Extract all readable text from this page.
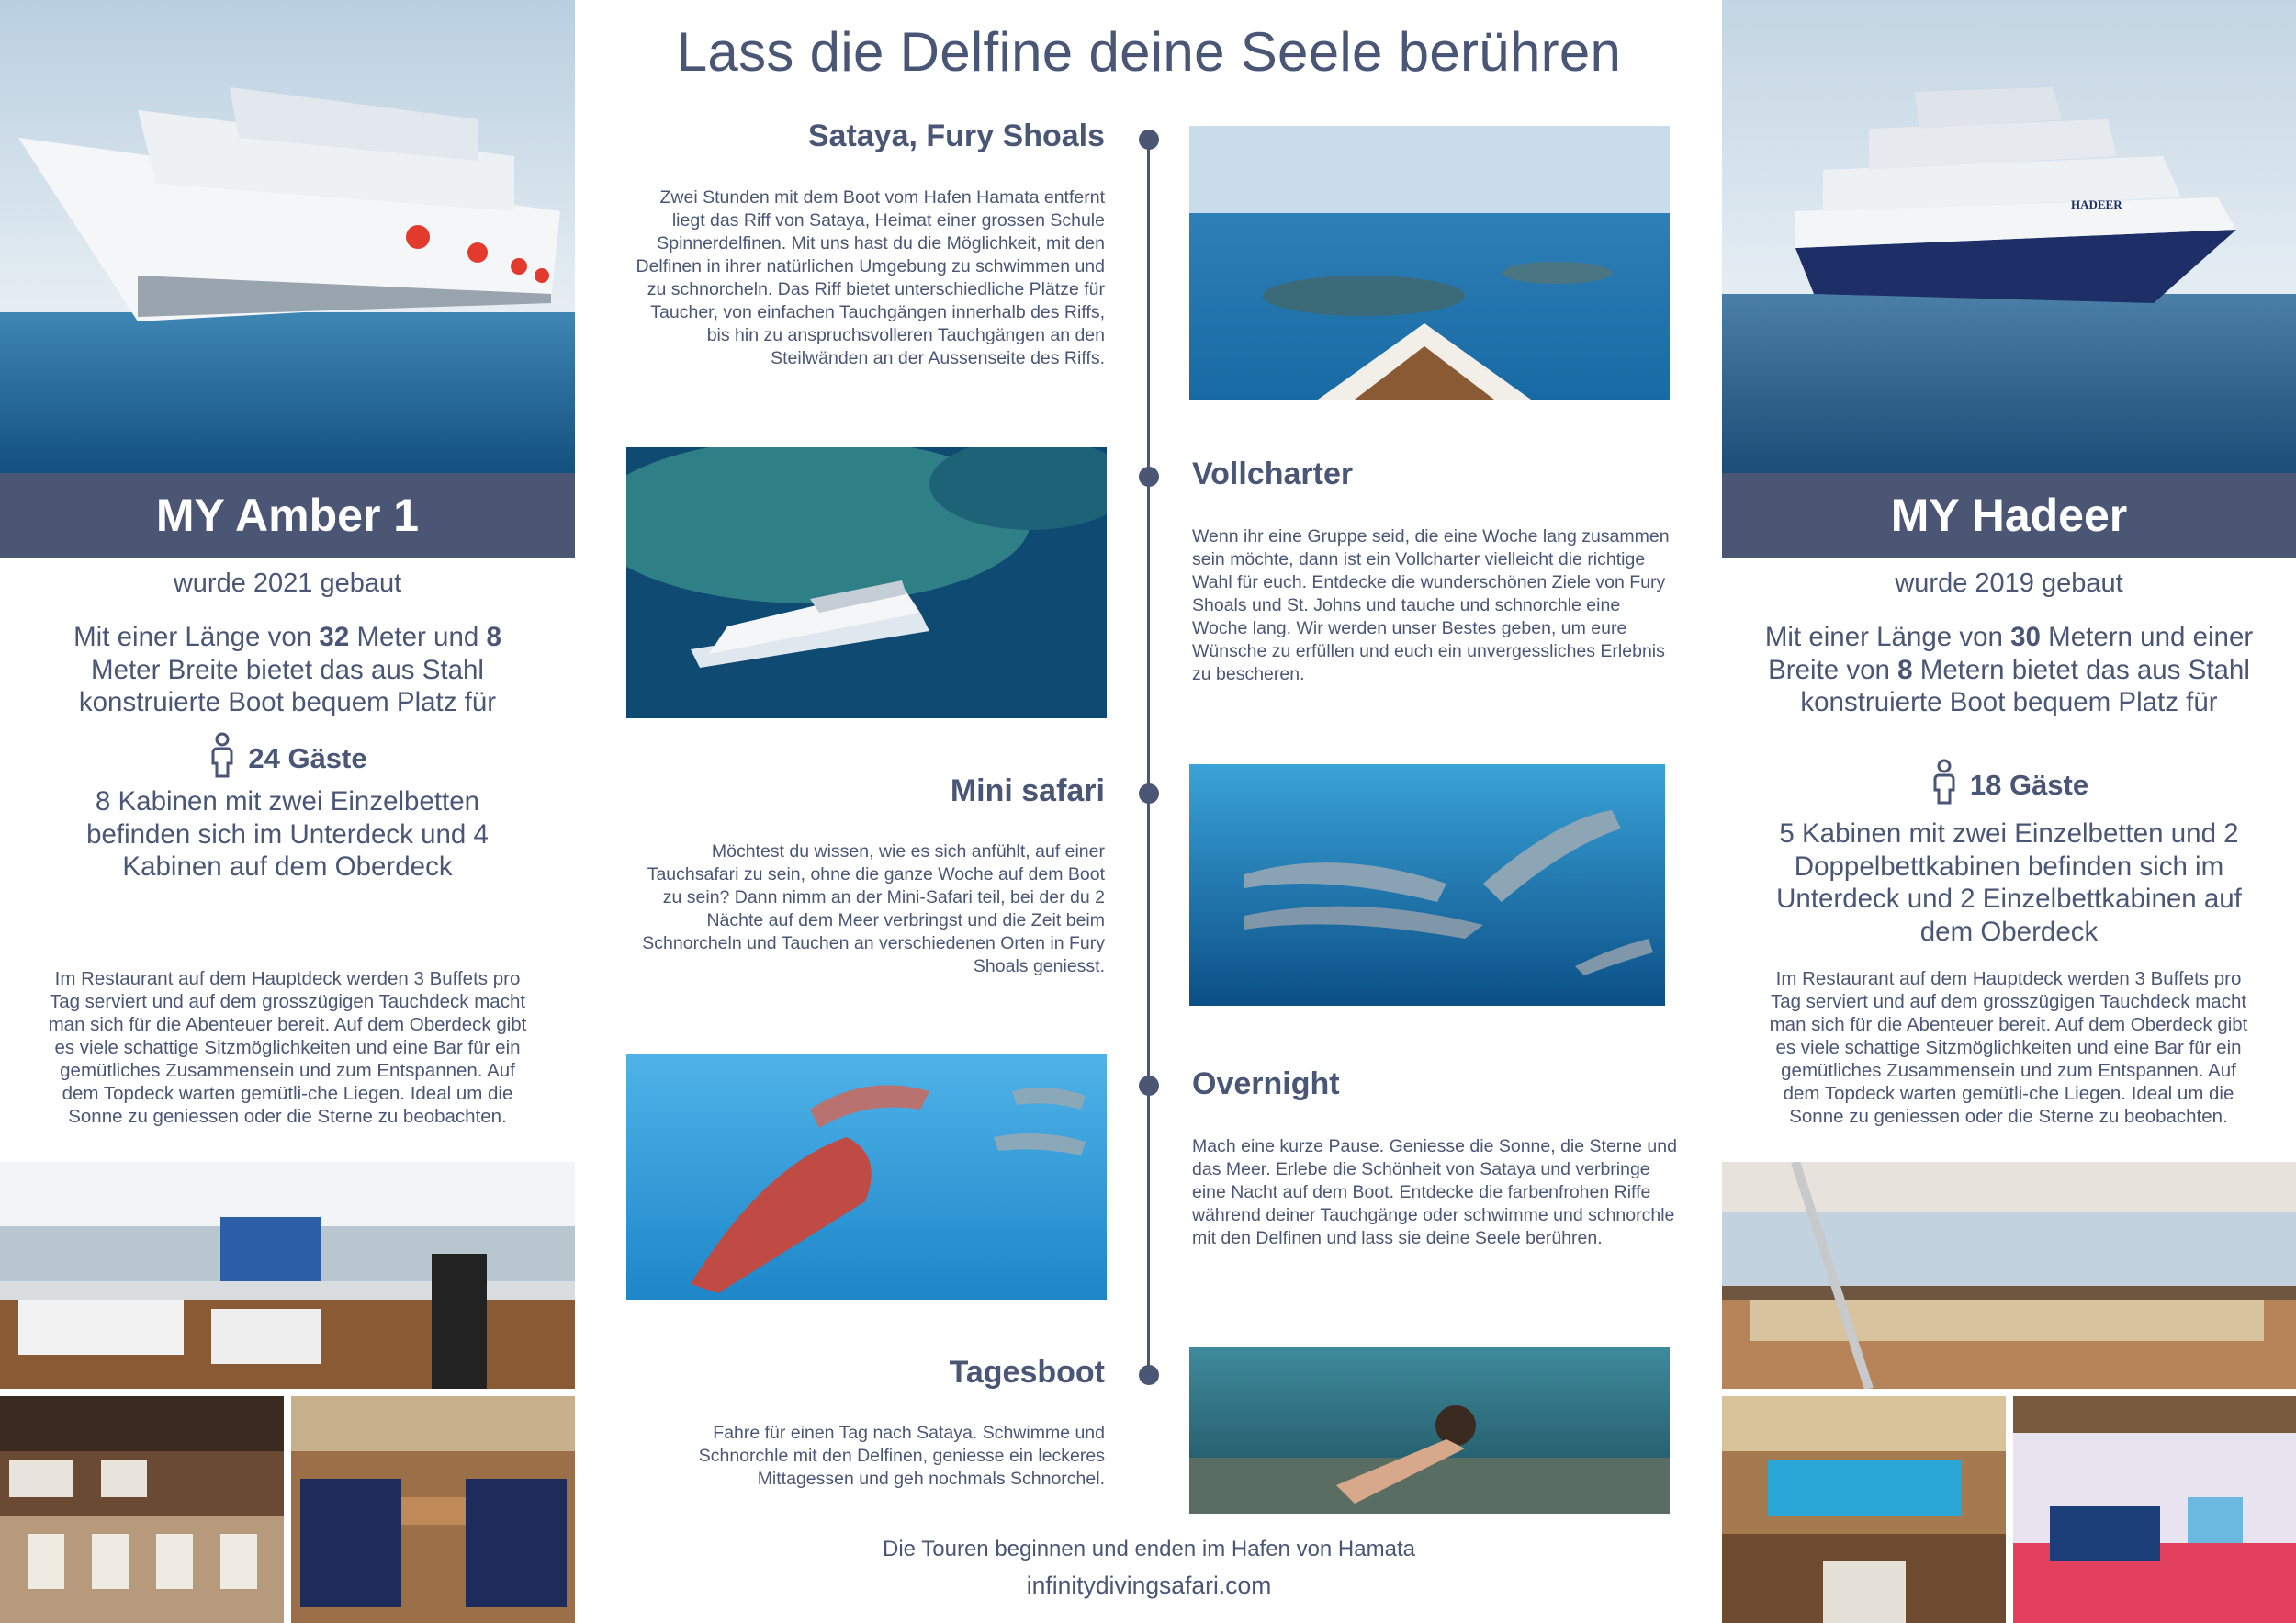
MY Amber 1
wurde 2021 gebaut
Mit einer Länge von 32 Meter und 8 Meter Breite bietet das aus Stahl konstruierte Boot bequem Platz für
24 Gäste
8 Kabinen mit zwei Einzelbetten befinden sich im Unterdeck und 4 Kabinen auf dem Oberdeck
Im Restaurant auf dem Hauptdeck werden 3 Buffets pro Tag serviert und auf dem grosszügigen Tauchdeck macht man sich für die Abenteuer bereit. Auf dem Oberdeck gibt es viele schattige Sitzmöglichkeiten und eine Bar für ein gemütliches Zusammensein und zum Entspannen. Auf dem Topdeck warten gemütli-che Liegen. Ideal um die Sonne zu geniessen oder die Sterne zu beobachten.
Lass die Delfine deine Seele berühren
Sataya, Fury Shoals
Zwei Stunden mit dem Boot vom Hafen Hamata entfernt liegt das Riff von Sataya, Heimat einer grossen Schule Spinnerdelfinen. Mit uns hast du die Möglichkeit, mit den Delfinen in ihrer natürlichen Umgebung zu schwimmen und zu schnorcheln. Das Riff bietet unterschiedliche Plätze für Taucher, von einfachen Tauchgängen innerhalb des Riffs, bis hin zu anspruchsvolleren Tauchgängen an den Steilwänden an der Aussenseite des Riffs.
Vollcharter
Wenn ihr eine Gruppe seid, die eine Woche lang zusammen sein möchte, dann ist ein Vollcharter vielleicht die richtige Wahl für euch. Entdecke die wunderschönen Ziele von Fury Shoals und St. Johns und tauche und schnorchle eine Woche lang. Wir werden unser Bestes geben, um eure Wünsche zu erfüllen und euch ein unvergessliches Erlebnis zu bescheren.
Mini safari
Möchtest du wissen, wie es sich anfühlt, auf einer Tauchsafari zu sein, ohne die ganze Woche auf dem Boot zu sein? Dann nimm an der Mini-Safari teil, bei der du 2 Nächte auf dem Meer verbringst und die Zeit beim Schnorcheln und Tauchen an verschiedenen Orten in Fury Shoals geniesst.
Overnight
Mach eine kurze Pause. Geniesse die Sonne, die Sterne und das Meer. Erlebe die Schönheit von Sataya und verbringe eine Nacht auf dem Boot. Entdecke die farbenfrohen Riffe während deiner Tauchgänge oder schwimme und schnorchle mit den Delfinen und lass sie deine Seele berühren.
Tagesboot
Fahre für einen Tag nach Sataya. Schwimme und Schnorchle mit den Delfinen, geniesse ein leckeres Mittagessen und geh nochmals Schnorchel.
Die Touren beginnen und enden im Hafen von Hamata
infinitydivingsafari.com
HADEER
MY Hadeer
wurde 2019 gebaut
Mit einer Länge von 30 Metern und einer Breite von 8 Metern bietet das aus Stahl konstruierte Boot bequem Platz für
18 Gäste
5 Kabinen mit zwei Einzelbetten und 2 Doppelbettkabinen befinden sich im Unterdeck und 2 Einzelbettkabinen auf dem Oberdeck
Im Restaurant auf dem Hauptdeck werden 3 Buffets pro Tag serviert und auf dem grosszügigen Tauchdeck macht man sich für die Abenteuer bereit. Auf dem Oberdeck gibt es viele schattige Sitzmöglichkeiten und eine Bar für ein gemütliches Zusammensein und zum Entspannen. Auf dem Topdeck warten gemütli-che Liegen. Ideal um die Sonne zu geniessen oder die Sterne zu beobachten.
